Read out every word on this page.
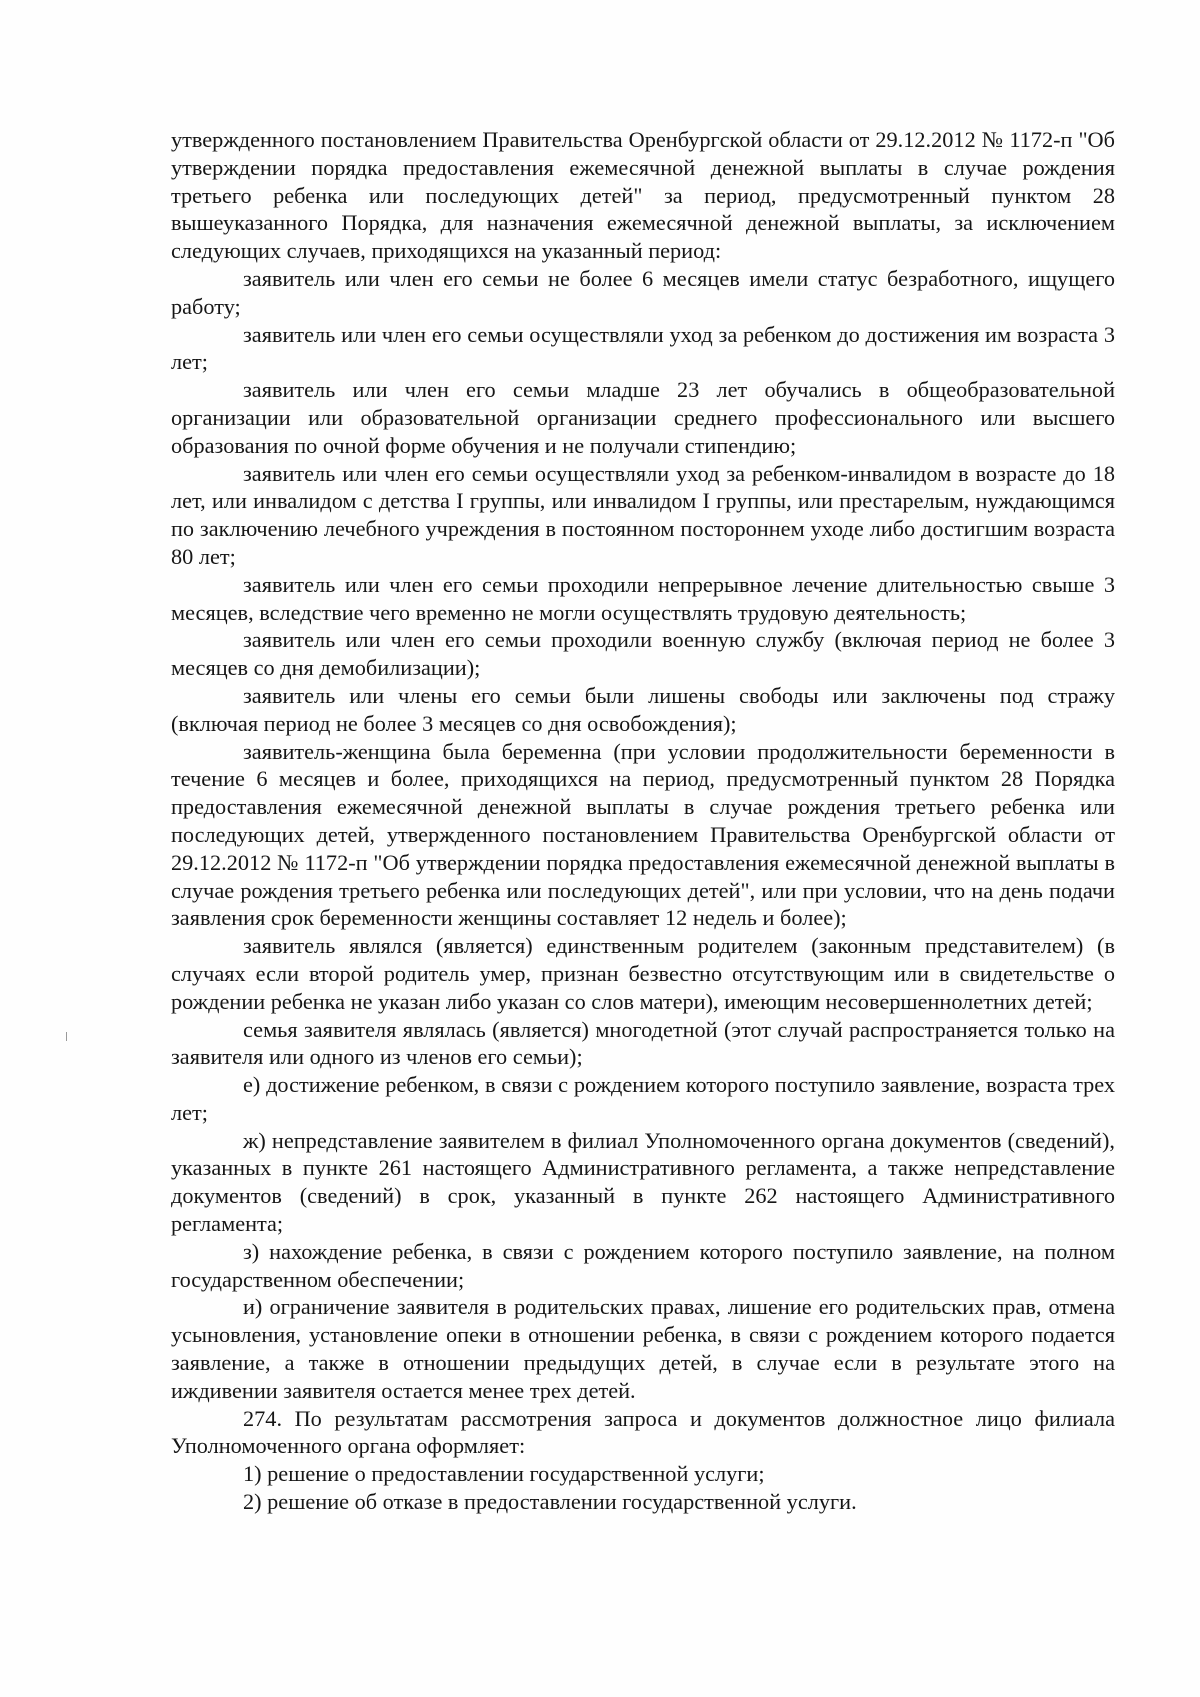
утвержденного постановлением Правительства Оренбургской области от 29.12.2012 № 1172-п "Об утверждении порядка предоставления ежемесячной денежной выплаты в случае рождения третьего ребенка или последующих детей" за период, предусмотренный пунктом 28 вышеуказанного Порядка, для назначения ежемесячной денежной выплаты, за исключением следующих случаев, приходящихся на указанный период:

заявитель или член его семьи не более 6 месяцев имели статус безработного, ищущего работу;

заявитель или член его семьи осуществляли уход за ребенком до достижения им возраста 3 лет;

заявитель или член его семьи младше 23 лет обучались в общеобразовательной организации или образовательной организации среднего профессионального или высшего образования по очной форме обучения и не получали стипендию;

заявитель или член его семьи осуществляли уход за ребенком-инвалидом в возрасте до 18 лет, или инвалидом с детства I группы, или инвалидом I группы, или престарелым, нуждающимся по заключению лечебного учреждения в постоянном постороннем уходе либо достигшим возраста 80 лет;

заявитель или член его семьи проходили непрерывное лечение длительностью свыше 3 месяцев, вследствие чего временно не могли осуществлять трудовую деятельность;

заявитель или член его семьи проходили военную службу (включая период не более 3 месяцев со дня демобилизации);

заявитель или члены его семьи были лишены свободы или заключены под стражу (включая период не более 3 месяцев со дня освобождения);

заявитель-женщина была беременна (при условии продолжительности беременности в течение 6 месяцев и более, приходящихся на период, предусмотренный пунктом 28 Порядка предоставления ежемесячной денежной выплаты в случае рождения третьего ребенка или последующих детей, утвержденного постановлением Правительства Оренбургской области от 29.12.2012 № 1172-п "Об утверждении порядка предоставления ежемесячной денежной выплаты в случае рождения третьего ребенка или последующих детей", или при условии, что на день подачи заявления срок беременности женщины составляет 12 недель и более);

заявитель являлся (является) единственным родителем (законным представителем) (в случаях если второй родитель умер, признан безвестно отсутствующим или в свидетельстве о рождении ребенка не указан либо указан со слов матери), имеющим несовершеннолетних детей;

семья заявителя являлась (является) многодетной (этот случай распространяется только на заявителя или одного из членов его семьи);

е) достижение ребенком, в связи с рождением которого поступило заявление, возраста трех лет;

ж) непредставление заявителем в филиал Уполномоченного органа документов (сведений), указанных в пункте 261 настоящего Административного регламента, а также непредставление документов (сведений) в срок, указанный в пункте 262 настоящего Административного регламента;

з) нахождение ребенка, в связи с рождением которого поступило заявление, на полном государственном обеспечении;

и) ограничение заявителя в родительских правах, лишение его родительских прав, отмена усыновления, установление опеки в отношении ребенка, в связи с рождением которого подается заявление, а также в отношении предыдущих детей, в случае если в результате этого на иждивении заявителя остается менее трех детей.

274. По результатам рассмотрения запроса и документов должностное лицо филиала Уполномоченного органа оформляет:

1) решение о предоставлении государственной услуги;

2) решение об отказе в предоставлении государственной услуги.
